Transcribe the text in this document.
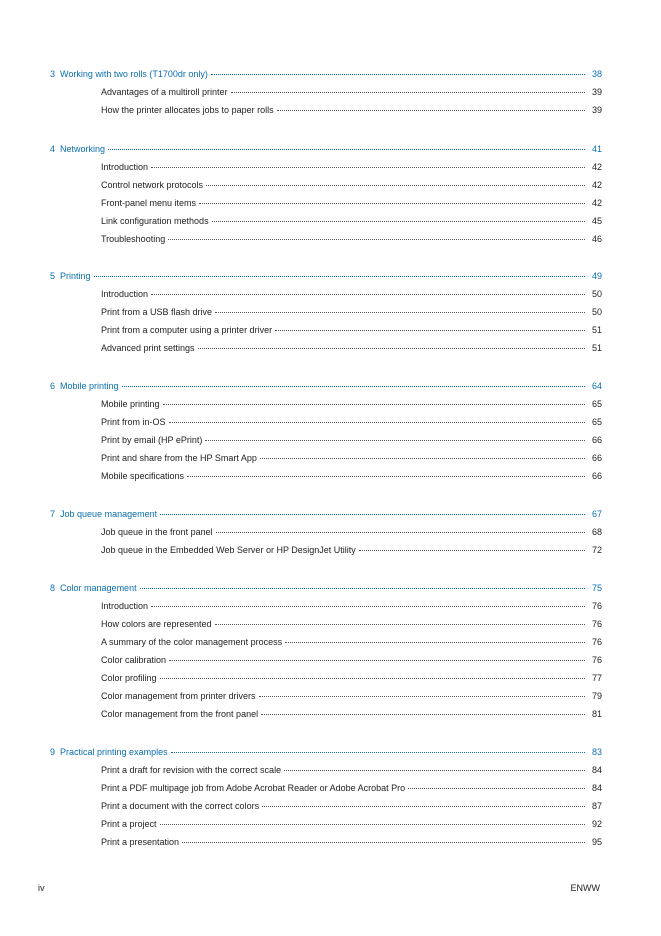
3 Working with two rolls (T1700dr only)	38
Advantages of a multiroll printer	39
How the printer allocates jobs to paper rolls	39
4 Networking	41
Introduction	42
Control network protocols	42
Front-panel menu items	42
Link configuration methods	45
Troubleshooting	46
5 Printing	49
Introduction	50
Print from a USB flash drive	50
Print from a computer using a printer driver	51
Advanced print settings	51
6 Mobile printing	64
Mobile printing	65
Print from in-OS	65
Print by email (HP ePrint)	66
Print and share from the HP Smart App	66
Mobile specifications	66
7 Job queue management	67
Job queue in the front panel	68
Job queue in the Embedded Web Server or HP DesignJet Utility	72
8 Color management	75
Introduction	76
How colors are represented	76
A summary of the color management process	76
Color calibration	76
Color profiling	77
Color management from printer drivers	79
Color management from the front panel	81
9 Practical printing examples	83
Print a draft for revision with the correct scale	84
Print a PDF multipage job from Adobe Acrobat Reader or Adobe Acrobat Pro	84
Print a document with the correct colors	87
Print a project	92
Print a presentation	95
iv	ENWW
